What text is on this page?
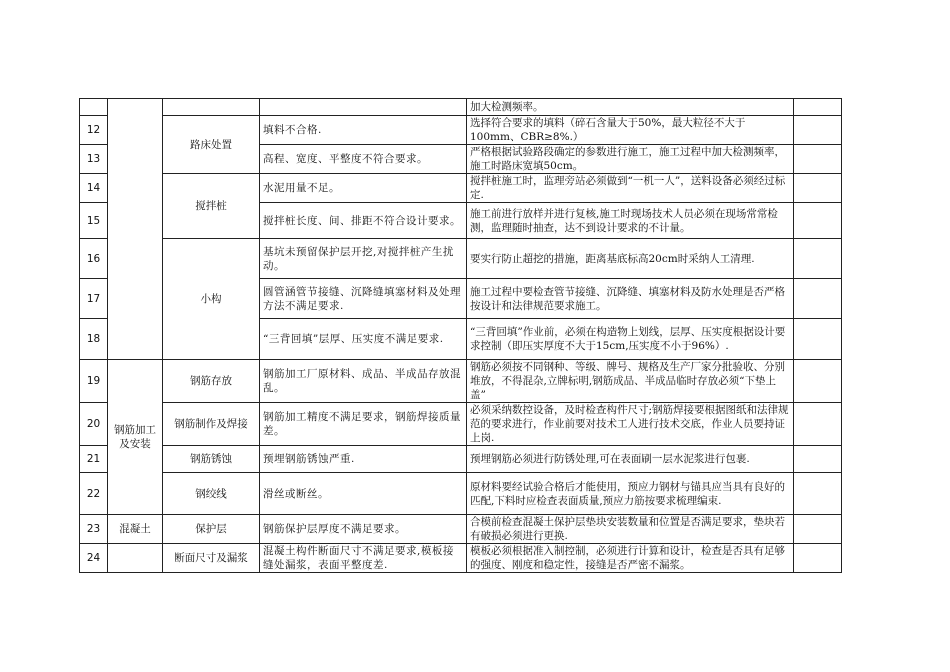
				加大检测频率。	
12		路床处置	填料不合格.	选择符合要求的填料（碎石含量大于50%，最大粒径不大于100mm、CBR≥8%.）	
13			高程、宽度、平整度不符合要求。	严格根据试验路段确定的参数进行施工，施工过程中加大检测频率，施工时路床宽填50cm。	
14		搅拌桩	水泥用量不足。	搅拌桩施工时，监理旁站必须做到“一机一人”，送料设备必须经过标定.	
15			搅拌桩长度、间、排距不符合设计要求。	施工前进行放样并进行复核,施工时现场技术人员必须在现场常常检测，监理随时抽查，达不到设计要求的不计量。	
16		小构	基坑未预留保护层开挖,对搅拌桩产生扰动。	要实行防止超挖的措施，距离基底标高20cm时采纳人工清理.	
17			圆管涵管节接缝、沉降缝填塞材料及处理方法不满足要求.	施工过程中要检查管节接缝、沉降缝、填塞材料及防水处理是否严格按设计和法律规范要求施工。	
18			“三背回填”层厚、压实度不满足要求.	“三背回填”作业前，必须在构造物上划线，层厚、压实度根据设计要求控制（即压实厚度不大于15cm,压实度不小于96%）.	
19	钢筋加工及安装	钢筋存放	钢筋加工厂原材料、成品、半成品存放混乱。	钢筋必须按不同钢种、等级、牌号、规格及生产厂家分批验收、分别堆放，不得混杂,立牌标明,钢筋成品、半成品临时存放必须“下垫上盖”	
20		钢筋制作及焊接	钢筋加工精度不满足要求，钢筋焊接质量差。	必须采纳数控设备，及时检查构件尺寸;钢筋焊接要根据图纸和法律规范的要求进行，作业前要对技术工人进行技术交底，作业人员要持证上岗.	
21		钢筋锈蚀	预埋钢筋锈蚀严重.	预埋钢筋必须进行防锈处理,可在表面刷一层水泥浆进行包裹.	
22		钢绞线	滑丝或断丝。	原材料要经试验合格后才能使用，预应力钢材与锚具应当具有良好的匹配,下料时应检查表面质量,预应力筋按要求梳理编束.	
23	混凝土	保护层	钢筋保护层厚度不满足要求。	合模前检查混凝土保护层垫块安装数量和位置是否满足要求，垫块若有破损必须进行更换.	
24		断面尺寸及漏浆	混凝土构件断面尺寸不满足要求,模板接缝处漏浆，表面平整度差.	模板必须根据准入制控制，必须进行计算和设计，检查是否具有足够的强度、刚度和稳定性，接缝是否严密不漏浆。	
